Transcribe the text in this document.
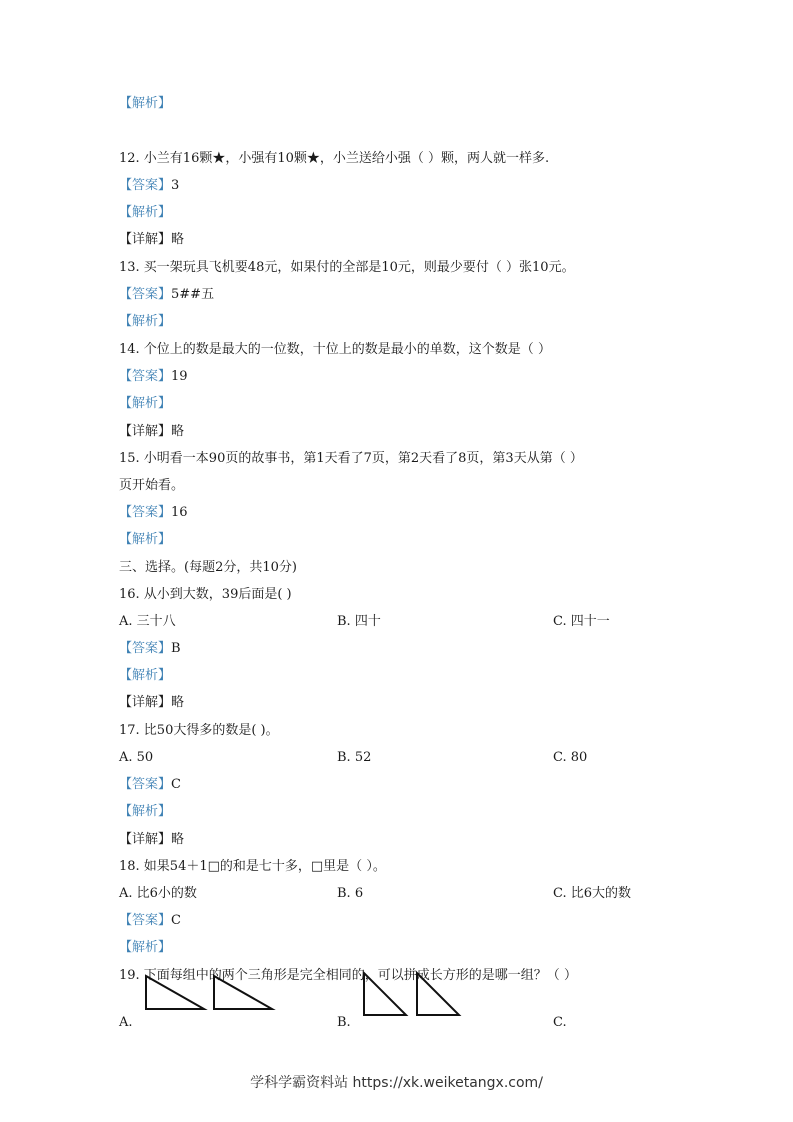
【解析】
12. 小兰有16颗★，小强有10颗★，小兰送给小强（ ）颗，两人就一样多.
【答案】3
【解析】
【详解】略
13. 买一架玩具飞机要48元，如果付的全部是10元，则最少要付（ ）张10元。
【答案】5##五
【解析】
14. 个位上的数是最大的一位数，十位上的数是最小的单数，这个数是（ ）
【答案】19
【解析】
【详解】略
15. 小明看一本90页的故事书，第1天看了7页，第2天看了8页，第3天从第（ ）
页开始看。
【答案】16
【解析】
三、选择。(每题2分，共10分)
16. 从小到大数，39后面是( )
A. 三十八	B. 四十	C. 四十一
【答案】B
【解析】
【详解】略
17. 比50大得多的数是( )。
A. 50	B. 52	C. 80
【答案】C
【解析】
【详解】略
18. 如果54＋1□的和是七十多，□里是（ ）。
A. 比6小的数	B. 6	C. 比6大的数
【答案】C
【解析】
19. 下面每组中的两个三角形是完全相同的，可以拼成长方形的是哪一组？（ ）
A.	B.	C.
学科学霸资料站 https://xk.weiketangx.com/
